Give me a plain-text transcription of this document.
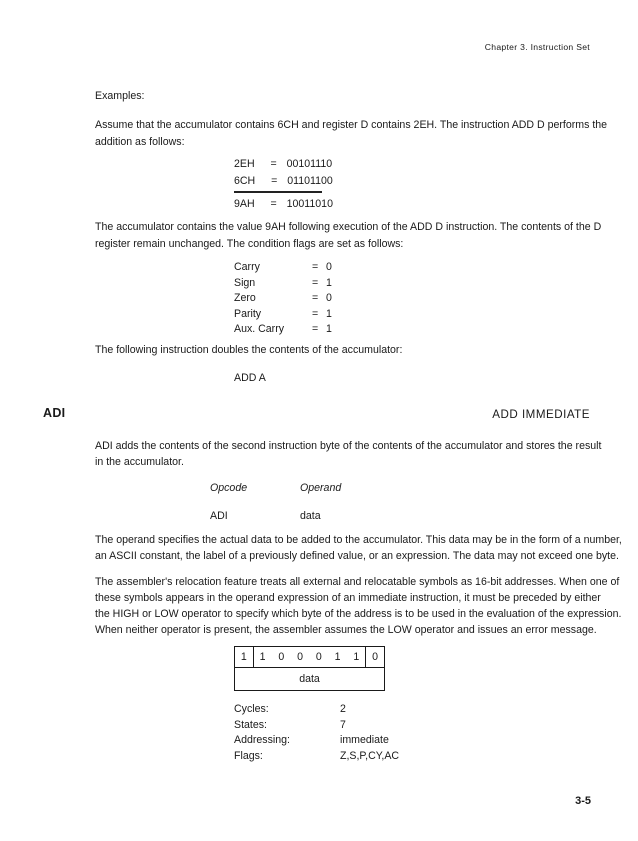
Chapter 3. Instruction Set
Examples:
Assume that the accumulator contains 6CH and register D contains 2EH. The instruction ADD D performs the
addition as follows:
2EH = 00101110
6CH = 01101100
9AH = 10011010
The accumulator contains the value 9AH following execution of the ADD D instruction. The contents of the D
register remain unchanged. The condition flags are set as follows:
Carry	= 0
Sign	= 1
Zero	= 0
Parity	= 1
Aux. Carry	= 1
The following instruction doubles the contents of the accumulator:
ADD A
ADI	ADD IMMEDIATE
ADI adds the contents of the second instruction byte of the contents of the accumulator and stores the result
in the accumulator.
Opcode	Operand
ADI	data
The operand specifies the actual data to be added to the accumulator. This data may be in the form of a number,
an ASCII constant, the label of a previously defined value, or an expression. The data may not exceed one byte.
The assembler's relocation feature treats all external and relocatable symbols as 16-bit addresses. When one of
these symbols appears in the operand expression of an immediate instruction, it must be preceded by either
the HIGH or LOW operator to specify which byte of the address is to be used in the evaluation of the expression.
When neither operator is present, the assembler assumes the LOW operator and issues an error message.
1	1	0	0	0	1	1	0
data
Cycles:	2
States:	7
Addressing:	immediate
Flags:	Z,S,P,CY,AC
3-5
